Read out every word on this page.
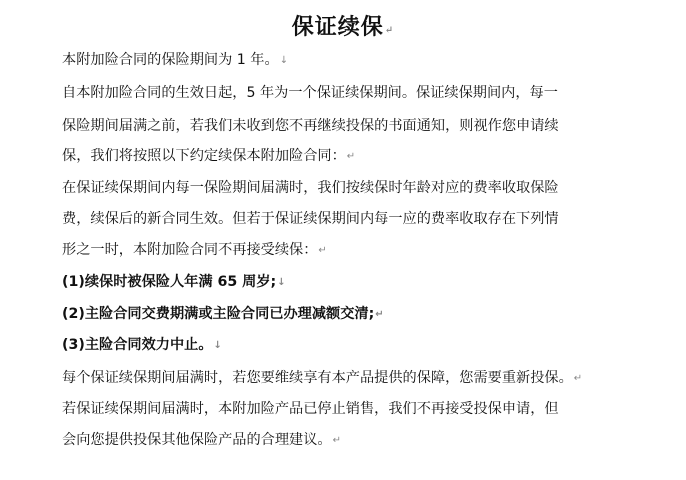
保证续保↵
本附加险合同的保险期间为 1 年。↓
自本附加险合同的生效日起，5 年为一个保证续保期间。保证续保期间内，每一
保险期间届满之前，若我们未收到您不再继续投保的书面通知，则视作您申请续
保，我们将按照以下约定续保本附加险合同：↵
在保证续保期间内每一保险期间届满时，我们按续保时年龄对应的费率收取保险
费，续保后的新合同生效。但若于保证续保期间内每一应的费率收取存在下列情
形之一时，本附加险合同不再接受续保：↵
(1)续保时被保险人年满 65 周岁;↓
(2)主险合同交费期满或主险合同已办理减额交清;↵
(3)主险合同效力中止。↓
每个保证续保期间届满时，若您要维续享有本产品提供的保障，您需要重新投保。↵
若保证续保期间届满时，本附加险产品已停止销售，我们不再接受投保申请，但
会向您提供投保其他保险产品的合理建议。↵
